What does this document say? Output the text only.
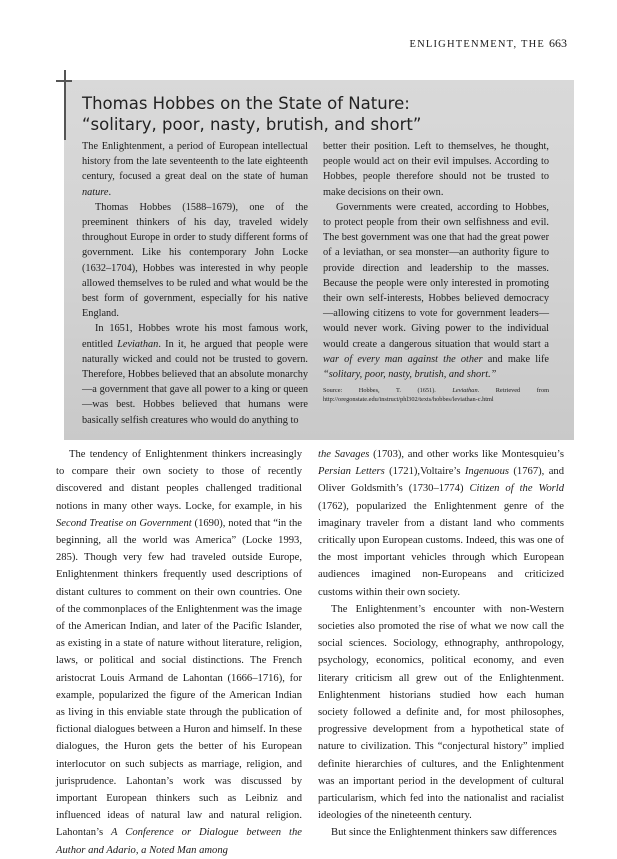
ENLIGHTENMENT, THE 663
Thomas Hobbes on the State of Nature:
“solitary, poor, nasty, brutish, and short”

The Enlightenment, a period of European intellectual history from the late seventeenth to the late eighteenth century, focused a great deal on the state of human nature.

Thomas Hobbes (1588–1679), one of the preeminent thinkers of his day, traveled widely throughout Europe in order to study different forms of government. Like his contemporary John Locke (1632–1704), Hobbes was interested in why people allowed themselves to be ruled and what would be the best form of government, especially for his native England.

In 1651, Hobbes wrote his most famous work, entitled Leviathan. In it, he argued that people were naturally wicked and could not be trusted to govern. Therefore, Hobbes believed that an absolute monarchy—a government that gave all power to a king or queen—was best. Hobbes believed that humans were basically selfish creatures who would do anything to

better their position. Left to themselves, he thought, people would act on their evil impulses. According to Hobbes, people therefore should not be trusted to make decisions on their own.

Governments were created, according to Hobbes, to protect people from their own selfishness and evil. The best government was one that had the great power of a leviathan, or sea monster—an authority figure to provide direction and leadership to the masses. Because the people were only interested in promoting their own self-interests, Hobbes believed democracy—allowing citizens to vote for government leaders—would never work. Giving power to the individual would create a dangerous situation that would start a war of every man against the other and make life “solitary, poor, nasty, brutish, and short.”

Source: Hobbes, T. (1651). Leviathan. Retrieved from http://oregonstate.edu/instruct/phl302/texts/hobbes/leviathan-c.html

The tendency of Enlightenment thinkers increasingly to compare their own society to those of recently discovered and distant peoples challenged traditional notions in many other ways. Locke, for example, in his Second Treatise on Government (1690), noted that “in the beginning, all the world was America” (Locke 1993, 285). Though very few had traveled outside Europe, Enlightenment thinkers frequently used descriptions of distant cultures to comment on their own countries. One of the commonplaces of the Enlightenment was the image of the American Indian, and later of the Pacific Islander, as existing in a state of nature without literature, religion, laws, or political and social distinctions. The French aristocrat Louis Armand de Lahontan (1666–1716), for example, popularized the figure of the American Indian as living in this enviable state through the publication of fictional dialogues between a Huron and himself. In these dialogues, the Huron gets the better of his European interlocutor on such subjects as marriage, religion, and jurisprudence. Lahontan’s work was discussed by important European thinkers such as Leibniz and influenced ideas of natural law and natural religion. Lahontan’s A Conference or Dialogue between the Author and Adario, a Noted Man among

the Savages (1703), and other works like Montesquieu’s Persian Letters (1721),Voltaire’s Ingenuous (1767), and Oliver Goldsmith’s (1730–1774) Citizen of the World (1762), popularized the Enlightenment genre of the imaginary traveler from a distant land who comments critically upon European customs. Indeed, this was one of the most important vehicles through which European audiences imagined non-Europeans and criticized customs within their own society.

The Enlightenment’s encounter with non-Western societies also promoted the rise of what we now call the social sciences. Sociology, ethnography, anthropology, psychology, economics, political economy, and even literary criticism all grew out of the Enlightenment. Enlightenment historians studied how each human society followed a definite and, for most philosophes, progressive development from a hypothetical state of nature to civilization. This “conjectural history” implied definite hierarchies of cultures, and the Enlightenment was an important period in the development of cultural particularism, which fed into the nationalist and racialist ideologies of the nineteenth century.

But since the Enlightenment thinkers saw differences
